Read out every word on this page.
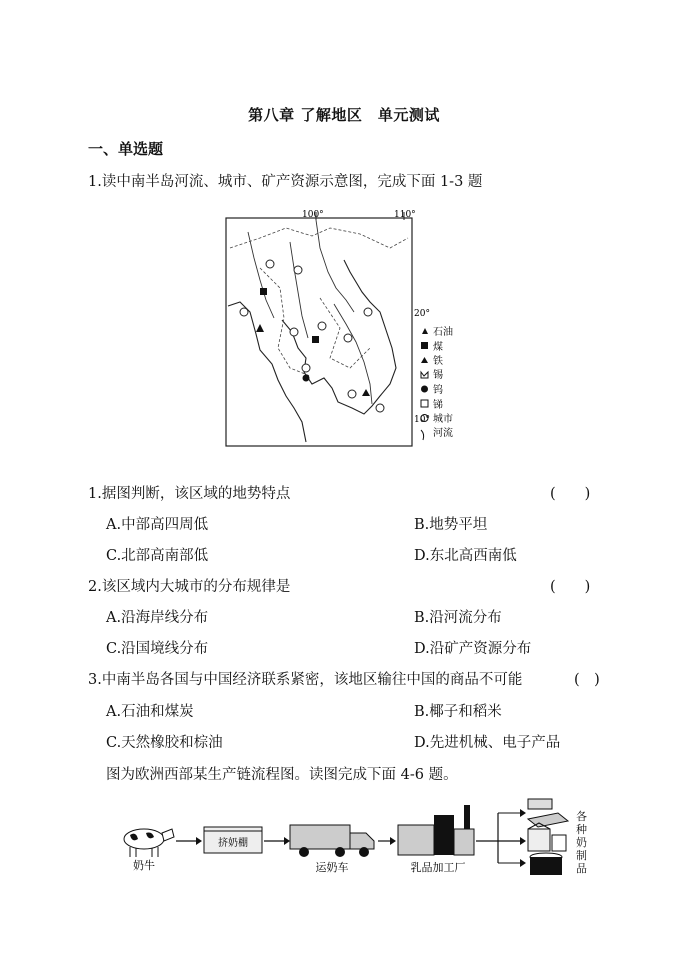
第八章 了解地区　单元测试
一、单选题
1.读中南半岛河流、城市、矿产资源示意图，完成下面 1-3 题
100°	110°
20°
10°
石油
煤
铁
锡
钨
锑
城市
河流
1.据图判断，该区域的地势特点	(　　)
A.中部高四周低	B.地势平坦
C.北部高南部低	D.东北高西南低
2.该区域内大城市的分布规律是	(　　)
A.沿海岸线分布	B.沿河流分布
C.沿国境线分布	D.沿矿产资源分布
3.中南半岛各国与中国经济联系紧密，该地区输往中国的商品不可能	(　)
A.石油和煤炭	B.椰子和稻米
C.天然橡胶和棕油	D.先进机械、电子产品
图为欧洲西部某生产链流程图。读图完成下面 4-6 题。
奶牛
挤奶棚
运奶车	乳品加工厂
各种奶制品
